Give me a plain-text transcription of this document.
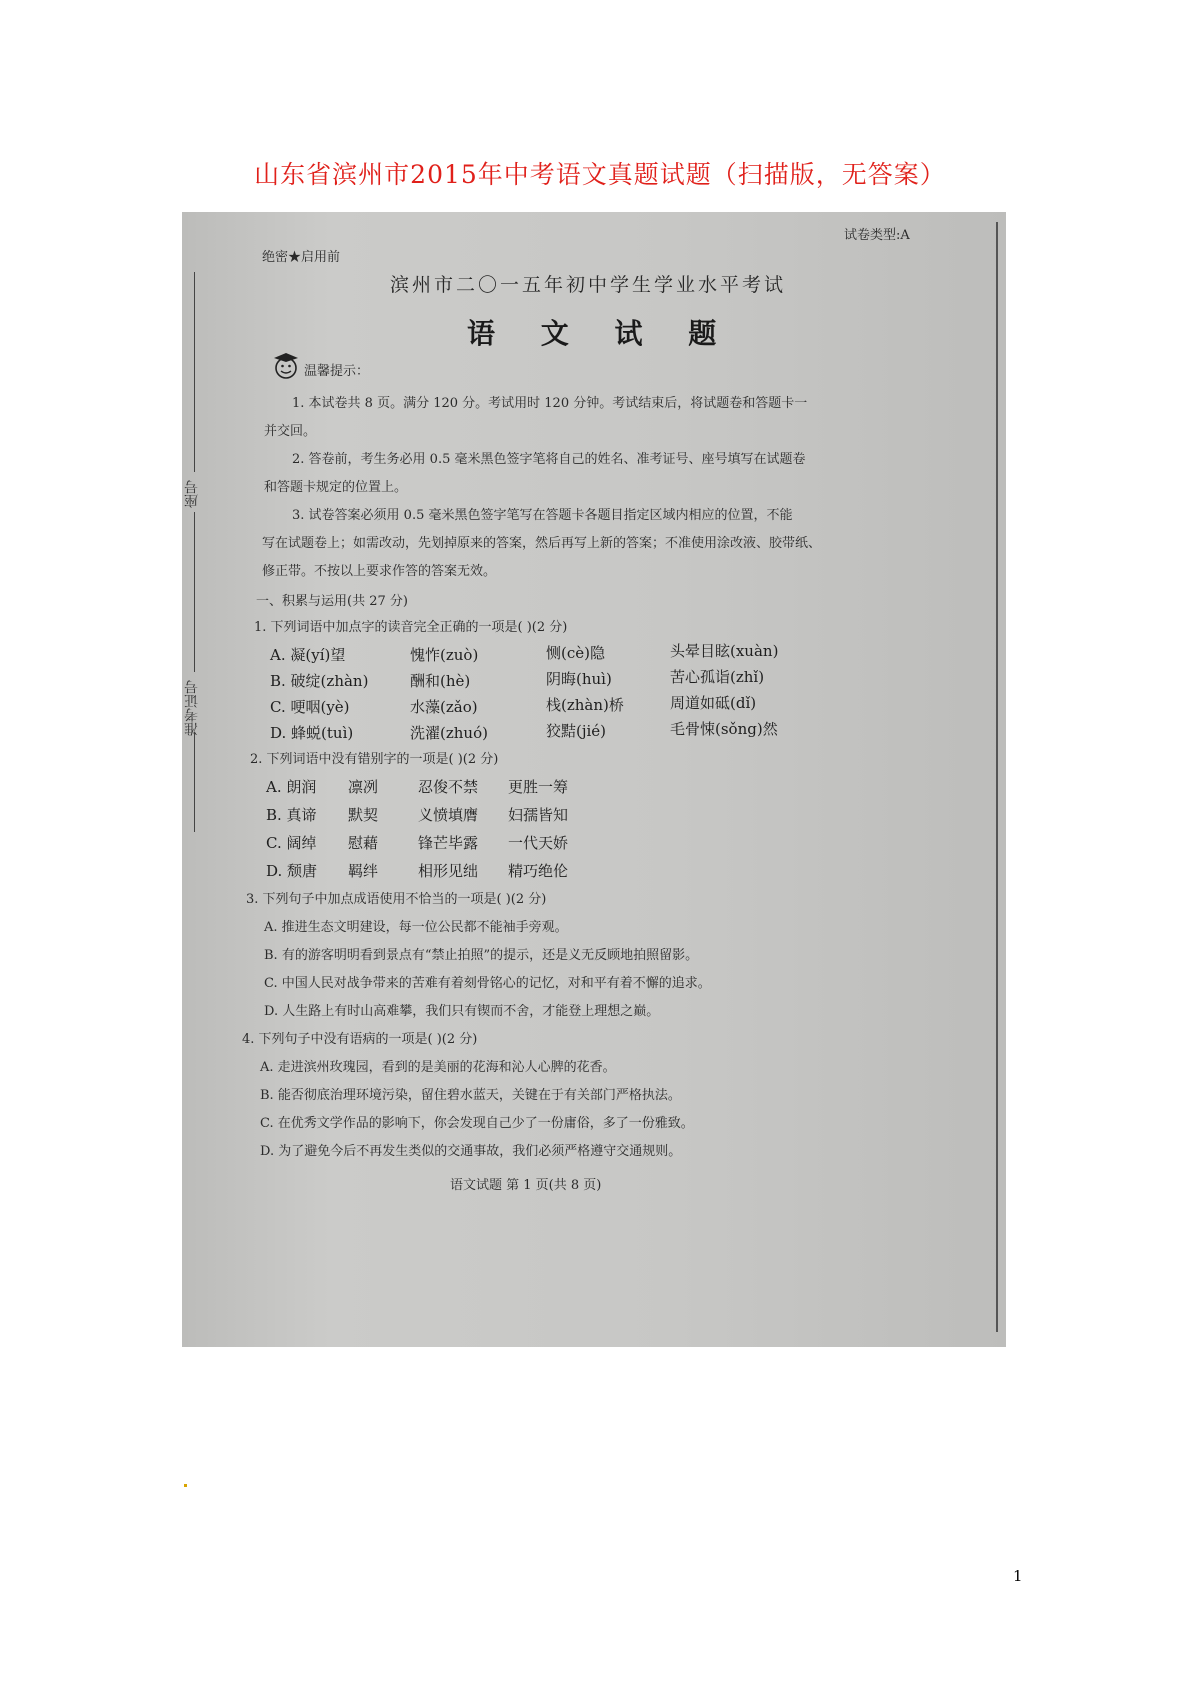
山东省滨州市2015年中考语文真题试题（扫描版，无答案）
座号
准考证号
试卷类型:A
绝密★启用前
滨州市二〇一五年初中学生学业水平考试
语 文 试 题
温馨提示：
1. 本试卷共 8 页。满分 120 分。考试用时 120 分钟。考试结束后，将试题卷和答题卡一
并交回。
2. 答卷前，考生务必用 0.5 毫米黑色签字笔将自己的姓名、准考证号、座号填写在试题卷
和答题卡规定的位置上。
3. 试卷答案必须用 0.5 毫米黑色签字笔写在答题卡各题目指定区域内相应的位置，不能
写在试题卷上；如需改动，先划掉原来的答案，然后再写上新的答案；不准使用涂改液、胶带纸、
修正带。不按以上要求作答的答案无效。
一、积累与运用(共 27 分)
1. 下列词语中加点字的读音完全正确的一项是( )(2 分)
A. 凝(yí)望	愧怍(zuò)	恻(cè)隐	头晕目眩(xuàn)
B. 破绽(zhàn)	酬和(hè)	阴晦(huì)	苦心孤诣(zhǐ)
C. 哽咽(yè)	水藻(zǎo)	栈(zhàn)桥	周道如砥(dǐ)
D. 蜂蜕(tuì)	洗濯(zhuó)	狡黠(jié)	毛骨悚(sǒng)然
2. 下列词语中没有错别字的一项是( )(2 分)
A. 朗润 凛冽	忍俊不禁 更胜一筹
B. 真谛 默契	义愤填膺 妇孺皆知
C. 阔绰 慰藉	锋芒毕露 一代天娇
D. 颓唐 羁绊	相形见绌 精巧绝伦
3. 下列句子中加点成语使用不恰当的一项是( )(2 分)
A. 推进生态文明建设，每一位公民都不能袖手旁观。
B. 有的游客明明看到景点有“禁止拍照”的提示，还是义无反顾地拍照留影。
C. 中国人民对战争带来的苦难有着刻骨铭心的记忆，对和平有着不懈的追求。
D. 人生路上有时山高难攀，我们只有锲而不舍，才能登上理想之巅。
4. 下列句子中没有语病的一项是( )(2 分)
A. 走进滨州玫瑰园，看到的是美丽的花海和沁人心脾的花香。
B. 能否彻底治理环境污染，留住碧水蓝天，关键在于有关部门严格执法。
C. 在优秀文学作品的影响下，你会发现自己少了一份庸俗，多了一份雅致。
D. 为了避免今后不再发生类似的交通事故，我们必须严格遵守交通规则。
语文试题 第 1 页(共 8 页)
1
